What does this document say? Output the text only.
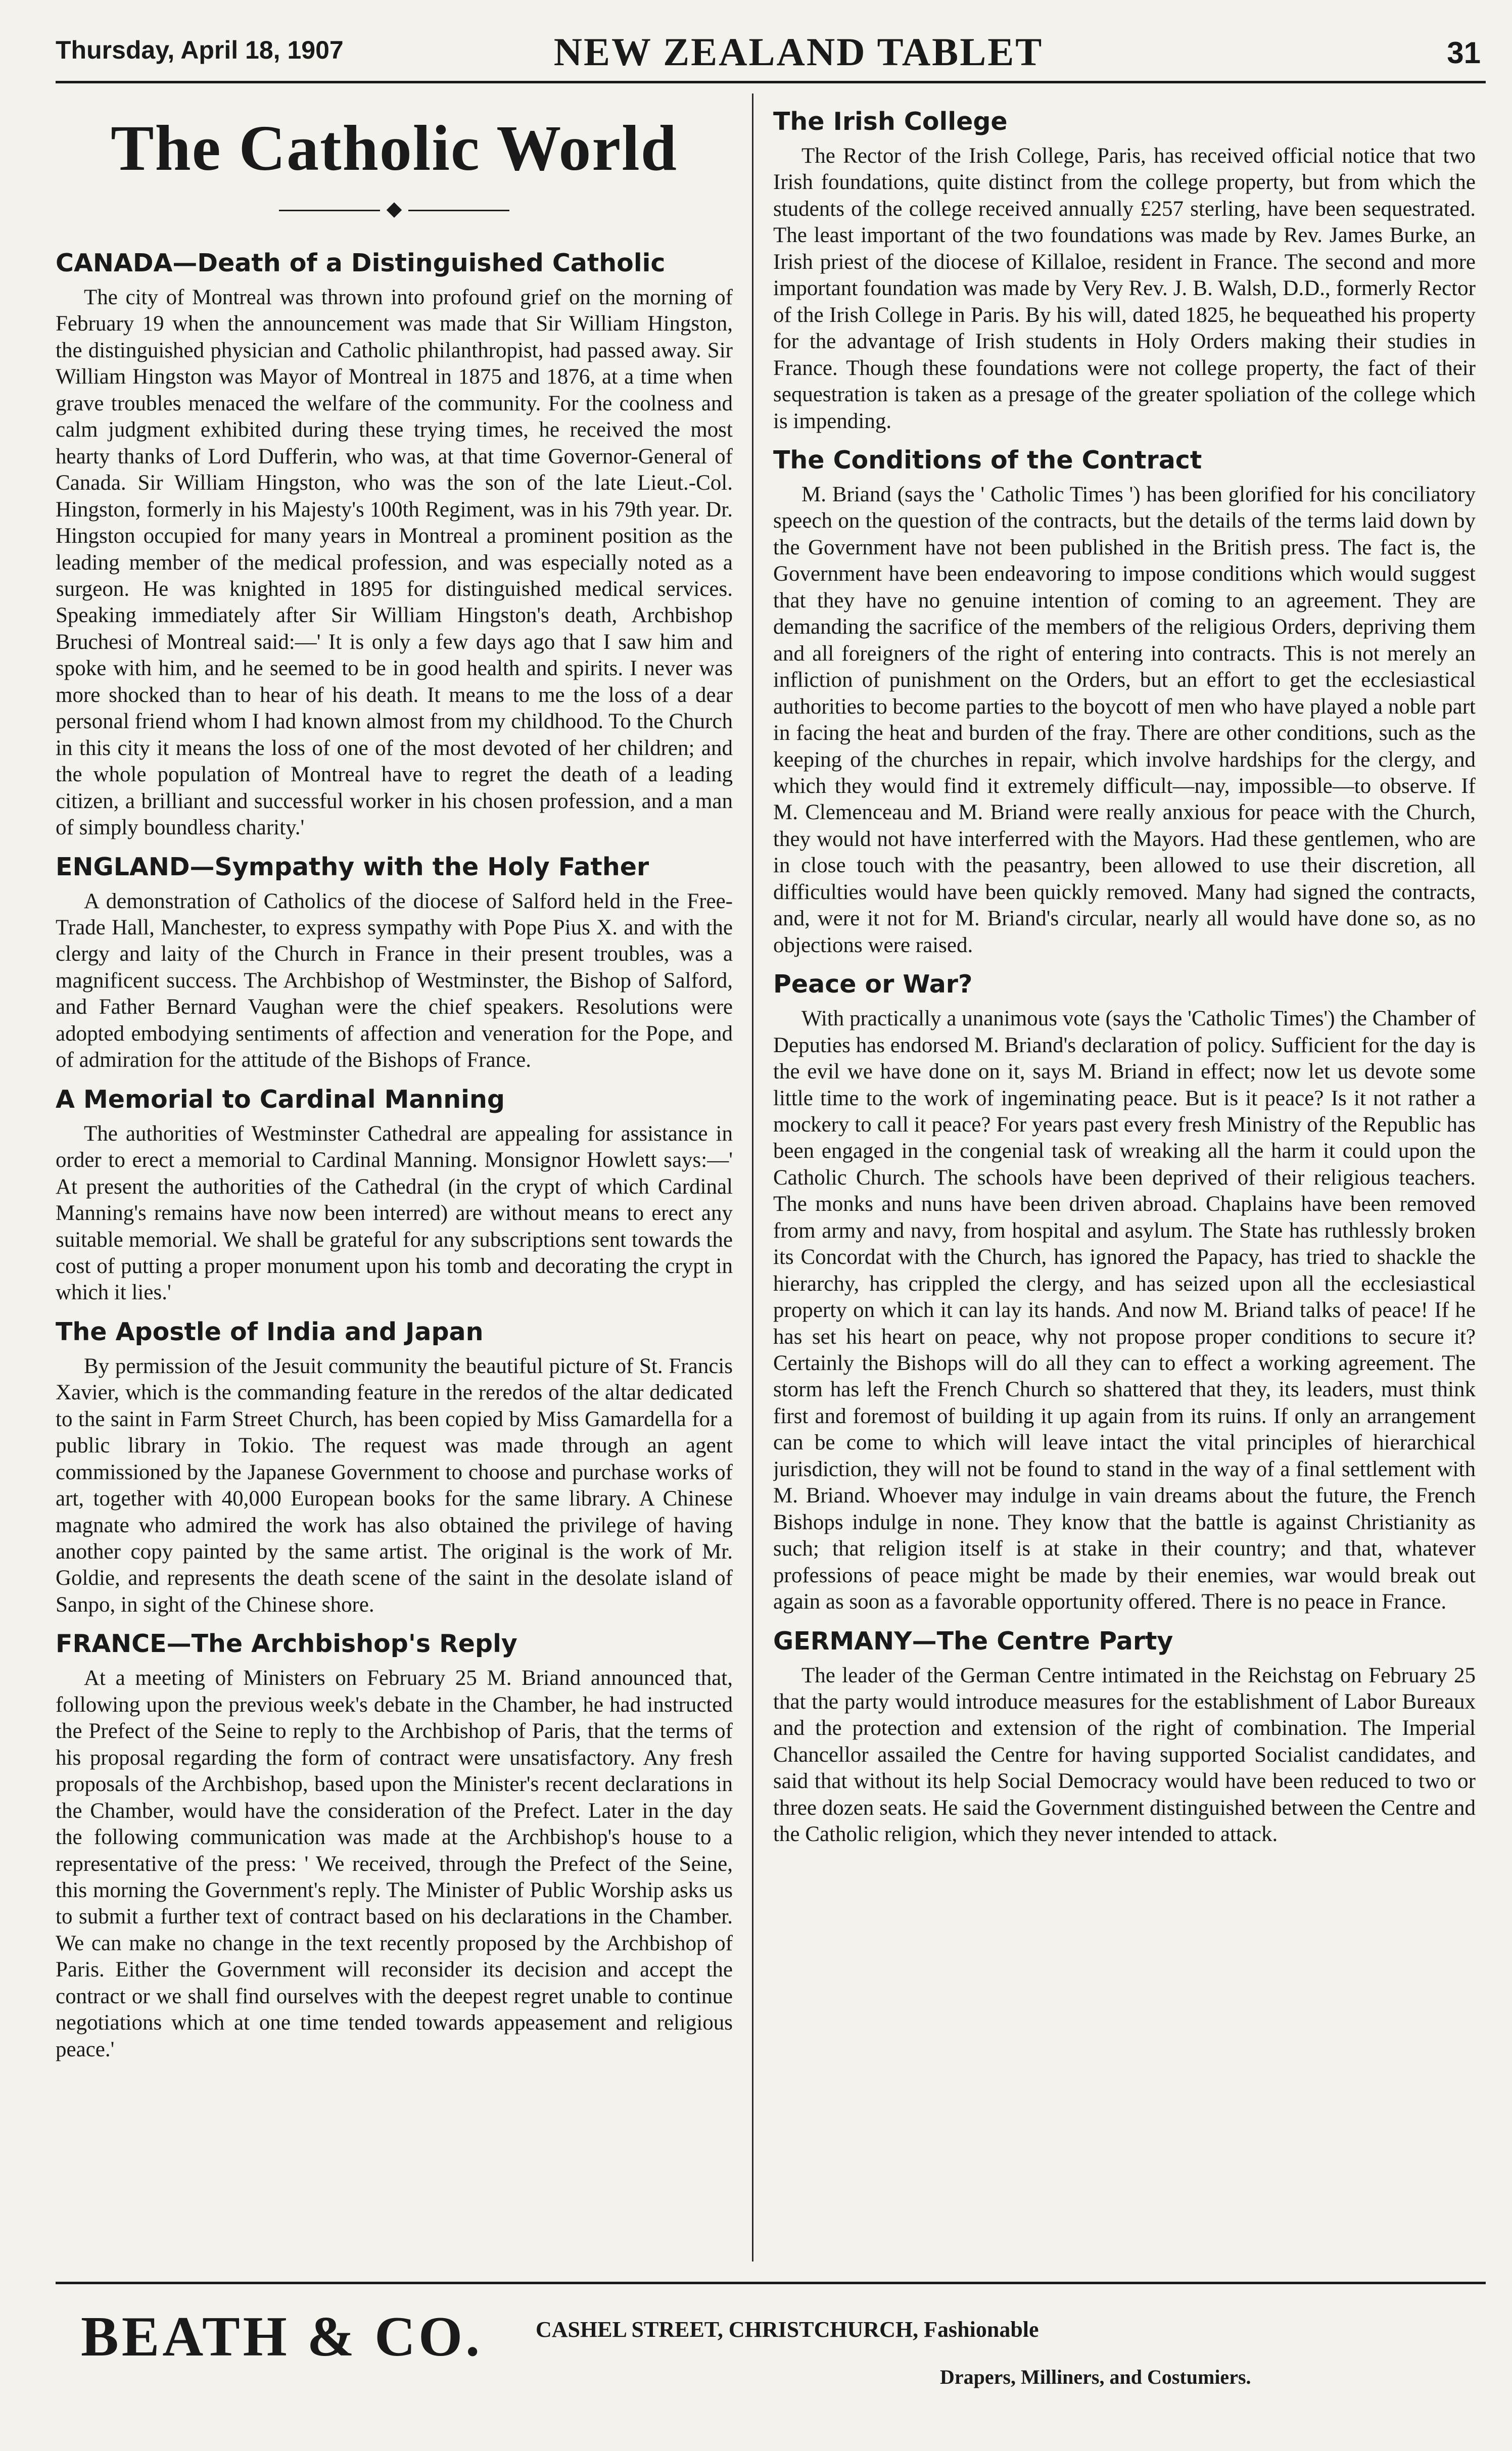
Thursday, April 18, 1907	NEW ZEALAND TABLET	31
The Catholic World
◆
CANADA—Death of a Distinguished Catholic

The city of Montreal was thrown into profound grief on the morning of February 19 when the announcement was made that Sir William Hingston, the distinguished physician and Catholic philanthropist, had passed away. Sir William Hingston was Mayor of Montreal in 1875 and 1876, at a time when grave troubles menaced the welfare of the community. For the coolness and calm judgment exhibited during these trying times, he received the most hearty thanks of Lord Dufferin, who was, at that time Governor-General of Canada. Sir William Hingston, who was the son of the late Lieut.-Col. Hingston, formerly in his Majesty's 100th Regiment, was in his 79th year. Dr. Hingston occupied for many years in Montreal a prominent position as the leading member of the medical profession, and was especially noted as a surgeon. He was knighted in 1895 for distinguished medical services. Speaking immediately after Sir William Hingston's death, Archbishop Bruchesi of Montreal said:—' It is only a few days ago that I saw him and spoke with him, and he seemed to be in good health and spirits. I never was more shocked than to hear of his death. It means to me the loss of a dear personal friend whom I had known almost from my childhood. To the Church in this city it means the loss of one of the most devoted of her children; and the whole population of Montreal have to regret the death of a leading citizen, a brilliant and successful worker in his chosen profession, and a man of simply boundless charity.'

ENGLAND—Sympathy with the Holy Father

A demonstration of Catholics of the diocese of Salford held in the Free-Trade Hall, Manchester, to express sympathy with Pope Pius X. and with the clergy and laity of the Church in France in their present troubles, was a magnificent success. The Archbishop of Westminster, the Bishop of Salford, and Father Bernard Vaughan were the chief speakers. Resolutions were adopted embodying sentiments of affection and veneration for the Pope, and of admiration for the attitude of the Bishops of France.

A Memorial to Cardinal Manning

The authorities of Westminster Cathedral are appealing for assistance in order to erect a memorial to Cardinal Manning. Monsignor Howlett says:—' At present the authorities of the Cathedral (in the crypt of which Cardinal Manning's remains have now been interred) are without means to erect any suitable memorial. We shall be grateful for any subscriptions sent towards the cost of putting a proper monument upon his tomb and decorating the crypt in which it lies.'

The Apostle of India and Japan

By permission of the Jesuit community the beautiful picture of St. Francis Xavier, which is the commanding feature in the reredos of the altar dedicated to the saint in Farm Street Church, has been copied by Miss Gamardella for a public library in Tokio. The request was made through an agent commissioned by the Japanese Government to choose and purchase works of art, together with 40,000 European books for the same library. A Chinese magnate who admired the work has also obtained the privilege of having another copy painted by the same artist. The original is the work of Mr. Goldie, and represents the death scene of the saint in the desolate island of Sanpo, in sight of the Chinese shore.

FRANCE—The Archbishop's Reply

At a meeting of Ministers on February 25 M. Briand announced that, following upon the previous week's debate in the Chamber, he had instructed the Prefect of the Seine to reply to the Archbishop of Paris, that the terms of his proposal regarding the form of contract were unsatisfactory. Any fresh proposals of the Archbishop, based upon the Minister's recent declarations in the Chamber, would have the consideration of the Prefect. Later in the day the following communication was made at the Archbishop's house to a representative of the press: ' We received, through the Prefect of the Seine, this morning the Government's reply. The Minister of Public Worship asks us to submit a further text of contract based on his declarations in the Chamber. We can make no change in the text recently proposed by the Archbishop of Paris. Either the Government will reconsider its decision and accept the contract or we shall find ourselves with the deepest regret unable to continue negotiations which at one time tended towards appeasement and religious peace.'

The Irish College

The Rector of the Irish College, Paris, has received official notice that two Irish foundations, quite distinct from the college property, but from which the students of the college received annually £257 sterling, have been sequestrated. The least important of the two foundations was made by Rev. James Burke, an Irish priest of the diocese of Killaloe, resident in France. The second and more important foundation was made by Very Rev. J. B. Walsh, D.D., formerly Rector of the Irish College in Paris. By his will, dated 1825, he bequeathed his property for the advantage of Irish students in Holy Orders making their studies in France. Though these foundations were not college property, the fact of their sequestration is taken as a presage of the greater spoliation of the college which is impending.

The Conditions of the Contract

M. Briand (says the ' Catholic Times ') has been glorified for his conciliatory speech on the question of the contracts, but the details of the terms laid down by the Government have not been published in the British press. The fact is, the Government have been endeavoring to impose conditions which would suggest that they have no genuine intention of coming to an agreement. They are demanding the sacrifice of the members of the religious Orders, depriving them and all foreigners of the right of entering into contracts. This is not merely an infliction of punishment on the Orders, but an effort to get the ecclesiastical authorities to become parties to the boycott of men who have played a noble part in facing the heat and burden of the fray. There are other conditions, such as the keeping of the churches in repair, which involve hardships for the clergy, and which they would find it extremely difficult—nay, impossible—to observe. If M. Clemenceau and M. Briand were really anxious for peace with the Church, they would not have interferred with the Mayors. Had these gentlemen, who are in close touch with the peasantry, been allowed to use their discretion, all difficulties would have been quickly removed. Many had signed the contracts, and, were it not for M. Briand's circular, nearly all would have done so, as no objections were raised.

Peace or War?

With practically a unanimous vote (says the 'Catholic Times') the Chamber of Deputies has endorsed M. Briand's declaration of policy. Sufficient for the day is the evil we have done on it, says M. Briand in effect; now let us devote some little time to the work of ingeminating peace. But is it peace? Is it not rather a mockery to call it peace? For years past every fresh Ministry of the Republic has been engaged in the congenial task of wreaking all the harm it could upon the Catholic Church. The schools have been deprived of their religious teachers. The monks and nuns have been driven abroad. Chaplains have been removed from army and navy, from hospital and asylum. The State has ruthlessly broken its Concordat with the Church, has ignored the Papacy, has tried to shackle the hierarchy, has crippled the clergy, and has seized upon all the ecclesiastical property on which it can lay its hands. And now M. Briand talks of peace! If he has set his heart on peace, why not propose proper conditions to secure it? Certainly the Bishops will do all they can to effect a working agreement. The storm has left the French Church so shattered that they, its leaders, must think first and foremost of building it up again from its ruins. If only an arrangement can be come to which will leave intact the vital principles of hierarchical jurisdiction, they will not be found to stand in the way of a final settlement with M. Briand. Whoever may indulge in vain dreams about the future, the French Bishops indulge in none. They know that the battle is against Christianity as such; that religion itself is at stake in their country; and that, whatever professions of peace might be made by their enemies, war would break out again as soon as a favorable opportunity offered. There is no peace in France.

GERMANY—The Centre Party

The leader of the German Centre intimated in the Reichstag on February 25 that the party would introduce measures for the establishment of Labor Bureaux and the protection and extension of the right of combination. The Imperial Chancellor assailed the Centre for having supported Socialist candidates, and said that without its help Social Democracy would have been reduced to two or three dozen seats. He said the Government distinguished between the Centre and the Catholic religion, which they never intended to attack.

BEATH & CO. CASHEL STREET, CHRISTCHURCH, Fashionable
Drapers, Milliners, and Costumiers.
